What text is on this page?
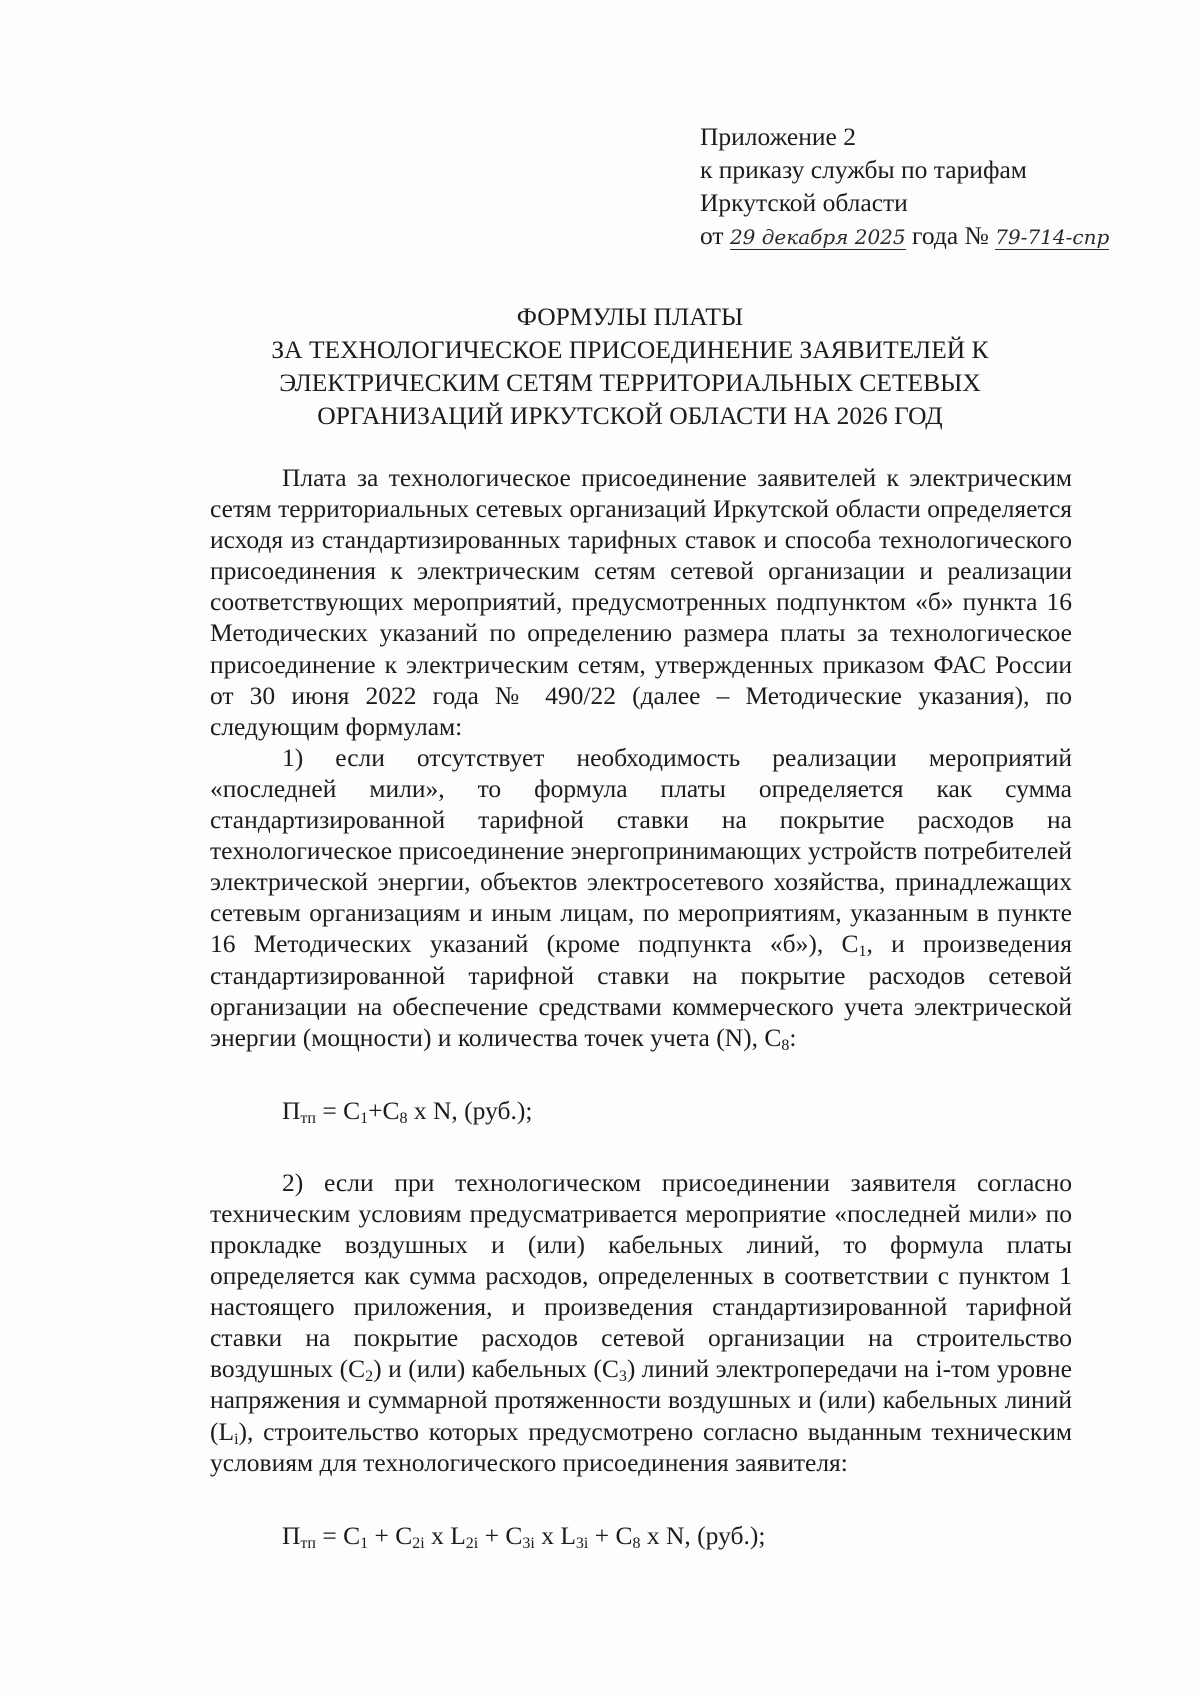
Приложение 2
к приказу службы по тарифам
Иркутской области
от 29 декабря 2025 года № 79-714-спр
ФОРМУЛЫ ПЛАТЫ
ЗА ТЕХНОЛОГИЧЕСКОЕ ПРИСОЕДИНЕНИЕ ЗАЯВИТЕЛЕЙ К
ЭЛЕКТРИЧЕСКИМ СЕТЯМ ТЕРРИТОРИАЛЬНЫХ СЕТЕВЫХ
ОРГАНИЗАЦИЙ ИРКУТСКОЙ ОБЛАСТИ НА 2026 ГОД

Плата за технологическое присоединение заявителей к электрическим сетям территориальных сетевых организаций Иркутской области определяется исходя из стандартизированных тарифных ставок и способа технологического присоединения к электрическим сетям сетевой организации и реализации соответствующих мероприятий, предусмотренных подпунктом «б» пункта 16 Методических указаний по определению размера платы за технологическое присоединение к электрическим сетям, утвержденных приказом ФАС России от 30 июня 2022 года № 490/22 (далее – Методические указания), по следующим формулам:

1) если отсутствует необходимость реализации мероприятий «последней мили», то формула платы определяется как сумма стандартизированной тарифной ставки на покрытие расходов на технологическое присоединение энергопринимающих устройств потребителей электрической энергии, объектов электросетевого хозяйства, принадлежащих сетевым организациям и иным лицам, по мероприятиям, указанным в пункте 16 Методических указаний (кроме подпункта «б»), $С_1$, и произведения стандартизированной тарифной ставки на покрытие расходов сетевой организации на обеспечение средствами коммерческого учета электрической энергии (мощности) и количества точек учета (N), $С_8$:

$П_{тп} = С_1+С_8$ x N, (руб.);

2) если при технологическом присоединении заявителя согласно техническим условиям предусматривается мероприятие «последней мили» по прокладке воздушных и (или) кабельных линий, то формула платы определяется как сумма расходов, определенных в соответствии с пунктом 1 настоящего приложения, и произведения стандартизированной тарифной ставки на покрытие расходов сетевой организации на строительство воздушных $(С_2)$ и (или) кабельных $(С_3)$ линий электропередачи на i-том уровне напряжения и суммарной протяженности воздушных и (или) кабельных линий $(L_i)$, строительство которых предусмотрено согласно выданным техническим условиям для технологического присоединения заявителя:

$П_{тп} = С_1 + С_{2i}$ x $L_{2i} + С_{3i}$ x $L_{3i} + С_8$ x N, (руб.);
